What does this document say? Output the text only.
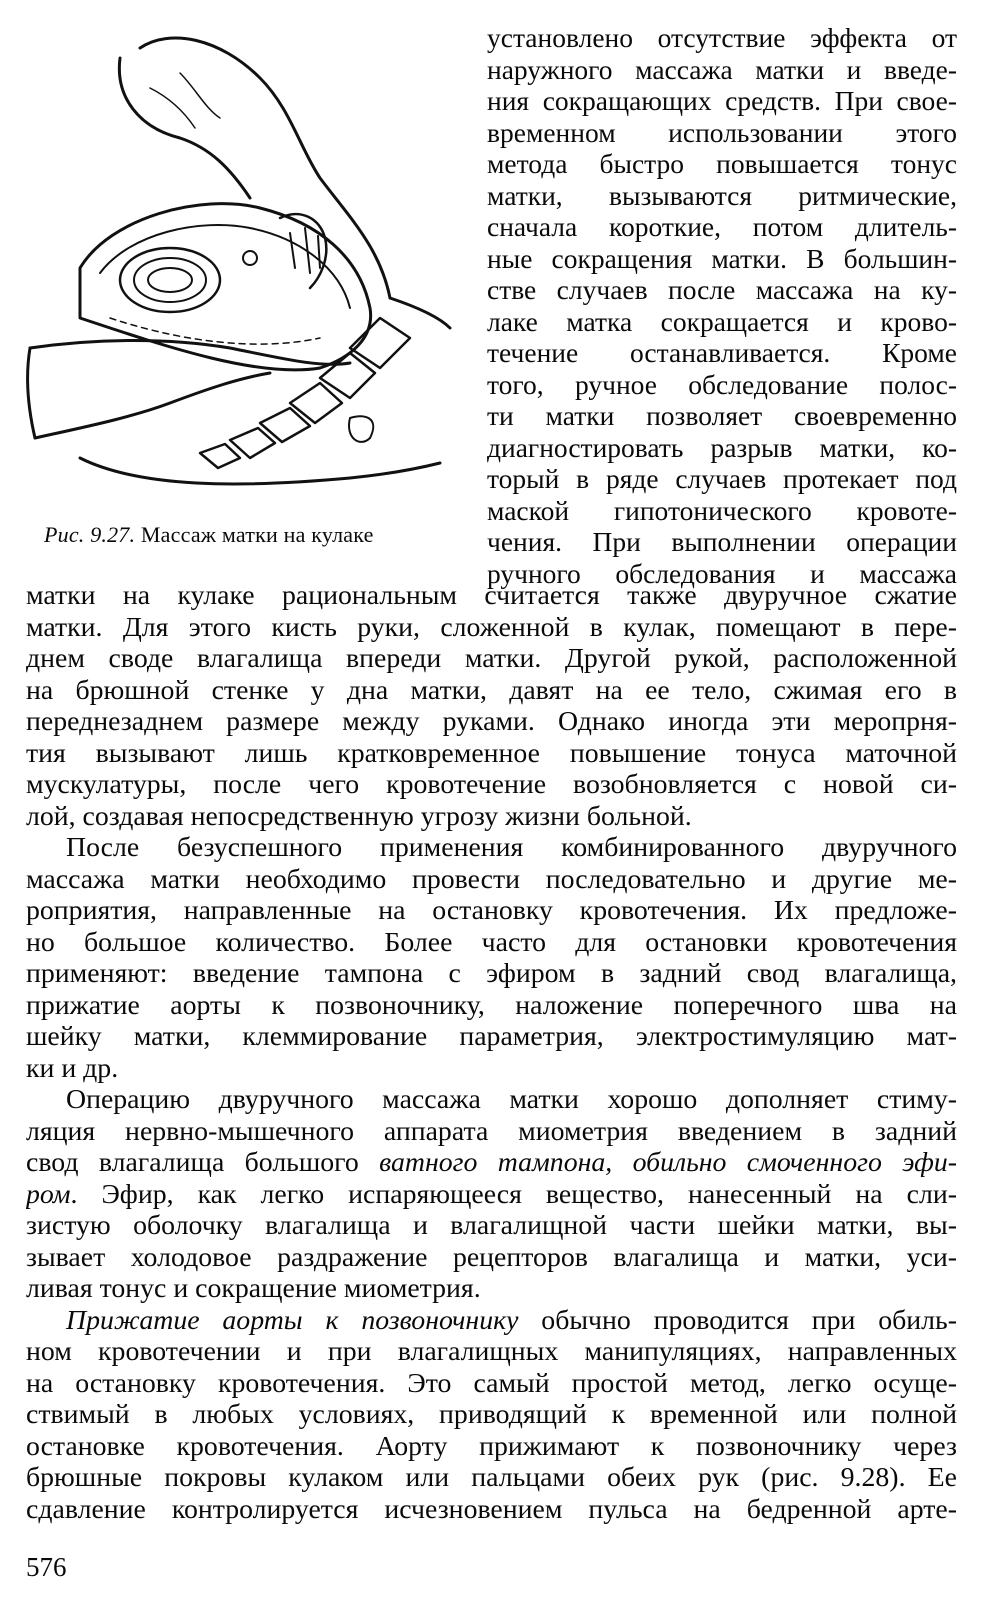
Рис. 9.27. Массаж матки на кулаке
установлено отсутствие эффекта от
наружного массажа матки и введе-
ния сокращающих средств. При свое-
временном использовании этого
метода быстро повышается тонус
матки, вызываются ритмические,
сначала короткие, потом длитель-
ные сокращения матки. В большин-
стве случаев после массажа на ку-
лаке матка сокращается и крово-
течение останавливается. Кроме
того, ручное обследование полос-
ти матки позволяет своевременно
диагностировать разрыв матки, ко-
торый в ряде случаев протекает под
маской гипотонического кровоте-
чения. При выполнении операции
ручного обследования и массажа
матки на кулаке рациональным считается также двуручное сжатие
матки. Для этого кисть руки, сложенной в кулак, помещают в пере-
днем своде влагалища впереди матки. Другой рукой, расположенной
на брюшной стенке у дна матки, давят на ее тело, сжимая его в
переднезаднем размере между руками. Однако иногда эти меропрня-
тия вызывают лишь кратковременное повышение тонуса маточной
мускулатуры, после чего кровотечение возобновляется с новой си-
лой, создавая непосредственную угрозу жизни больной.
После безуспешного применения комбинированного двуручного
массажа матки необходимо провести последовательно и другие ме-
роприятия, направленные на остановку кровотечения. Их предложе-
но большое количество. Более часто для остановки кровотечения
применяют: введение тампона с эфиром в задний свод влагалища,
прижатие аорты к позвоночнику, наложение поперечного шва на
шейку матки, клеммирование параметрия, электростимуляцию мат-
ки и др.
Операцию двуручного массажа матки хорошо дополняет стиму-
ляция нервно-мышечного аппарата миометрия введением в задний
свод влагалища большого ватного тампона, обильно смоченного эфи-
ром. Эфир, как легко испаряющееся вещество, нанесенный на сли-
зистую оболочку влагалища и влагалищной части шейки матки, вы-
зывает холодовое раздражение рецепторов влагалища и матки, уси-
ливая тонус и сокращение миометрия.
Прижатие аорты к позвоночнику обычно проводится при обиль-
ном кровотечении и при влагалищных манипуляциях, направленных
на остановку кровотечения. Это самый простой метод, легко осуще-
ствимый в любых условиях, приводящий к временной или полной
остановке кровотечения. Аорту прижимают к позвоночнику через
брюшные покровы кулаком или пальцами обеих рук (рис. 9.28). Ее
сдавление контролируется исчезновением пульса на бедренной арте-
576
